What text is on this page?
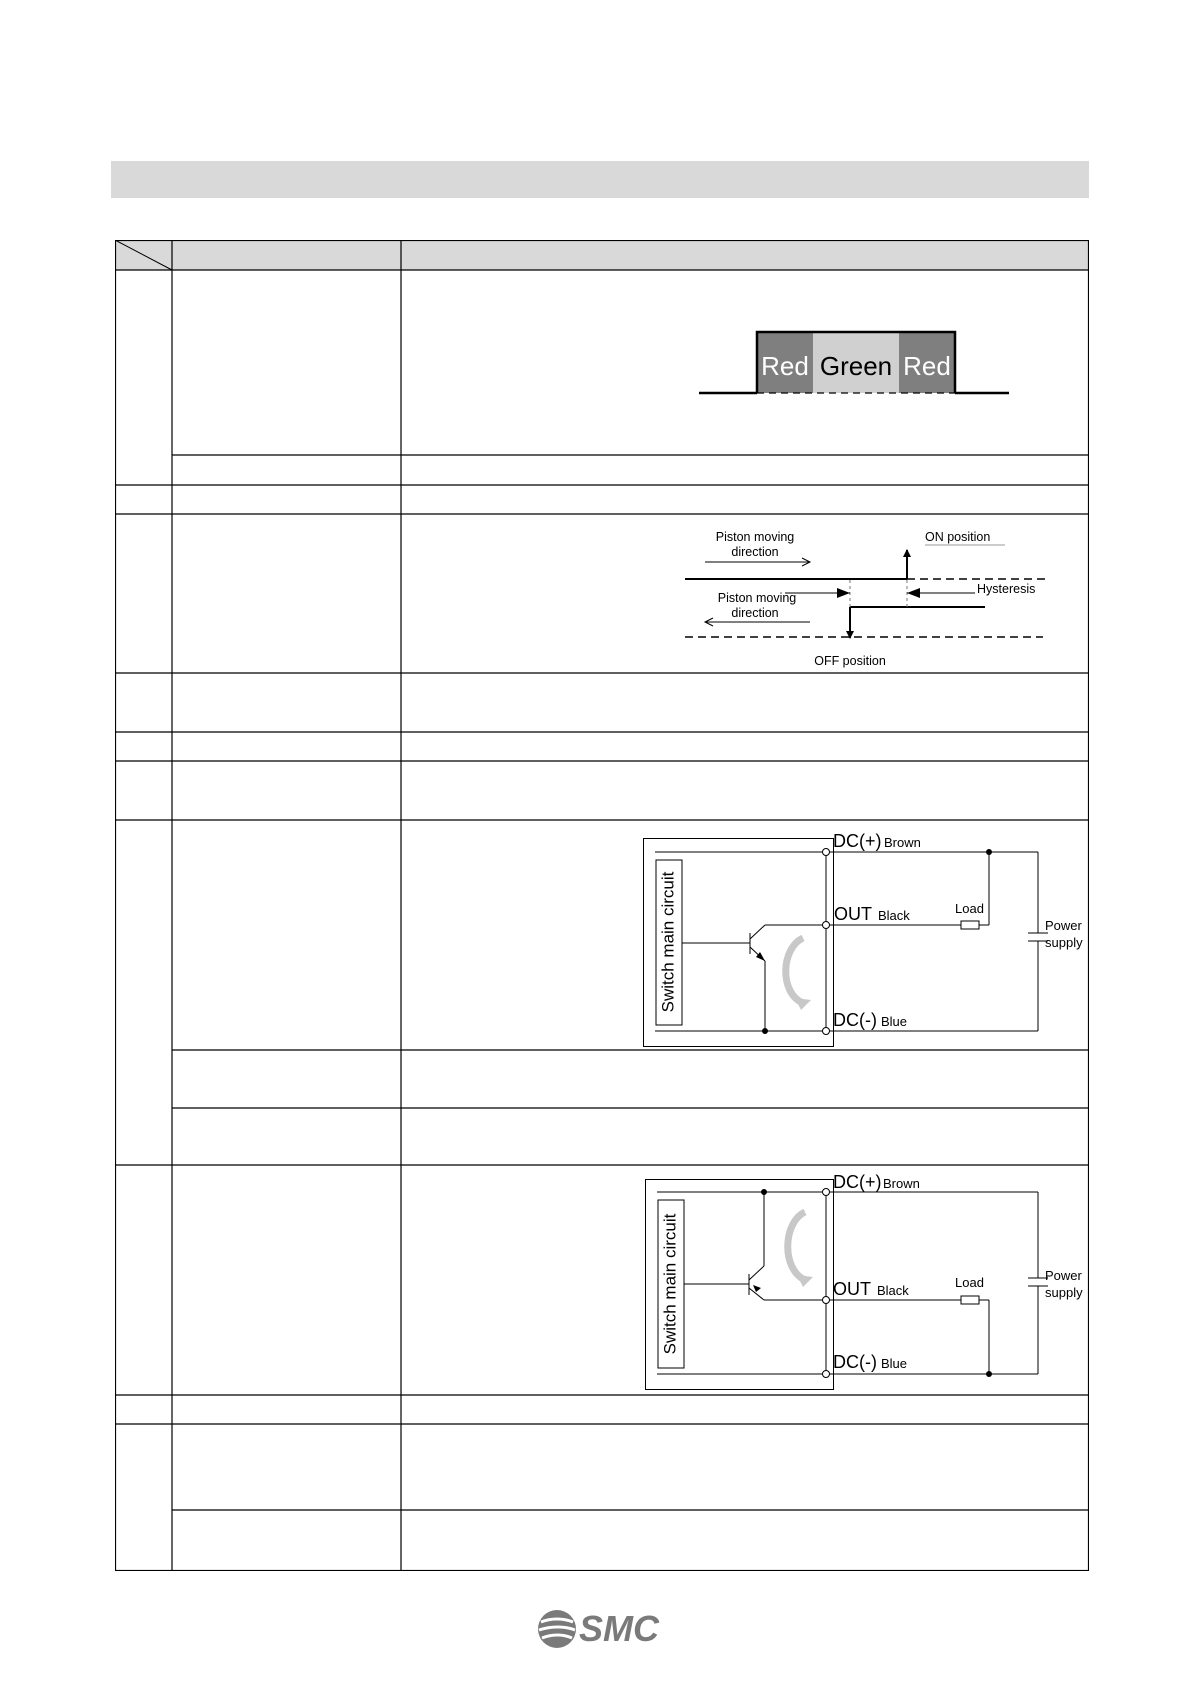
Red Green Red
Piston moving
direction
Piston moving
direction
ON position
Hysteresis
OFF position
Switch main circuit
DC(+) Brown
OUT Black	Load
Power
supply
DC(-) Blue
Switch main circuit
DC(+) Brown
OUT Black
Load	Power
supply
DC(-) Blue
SMC
